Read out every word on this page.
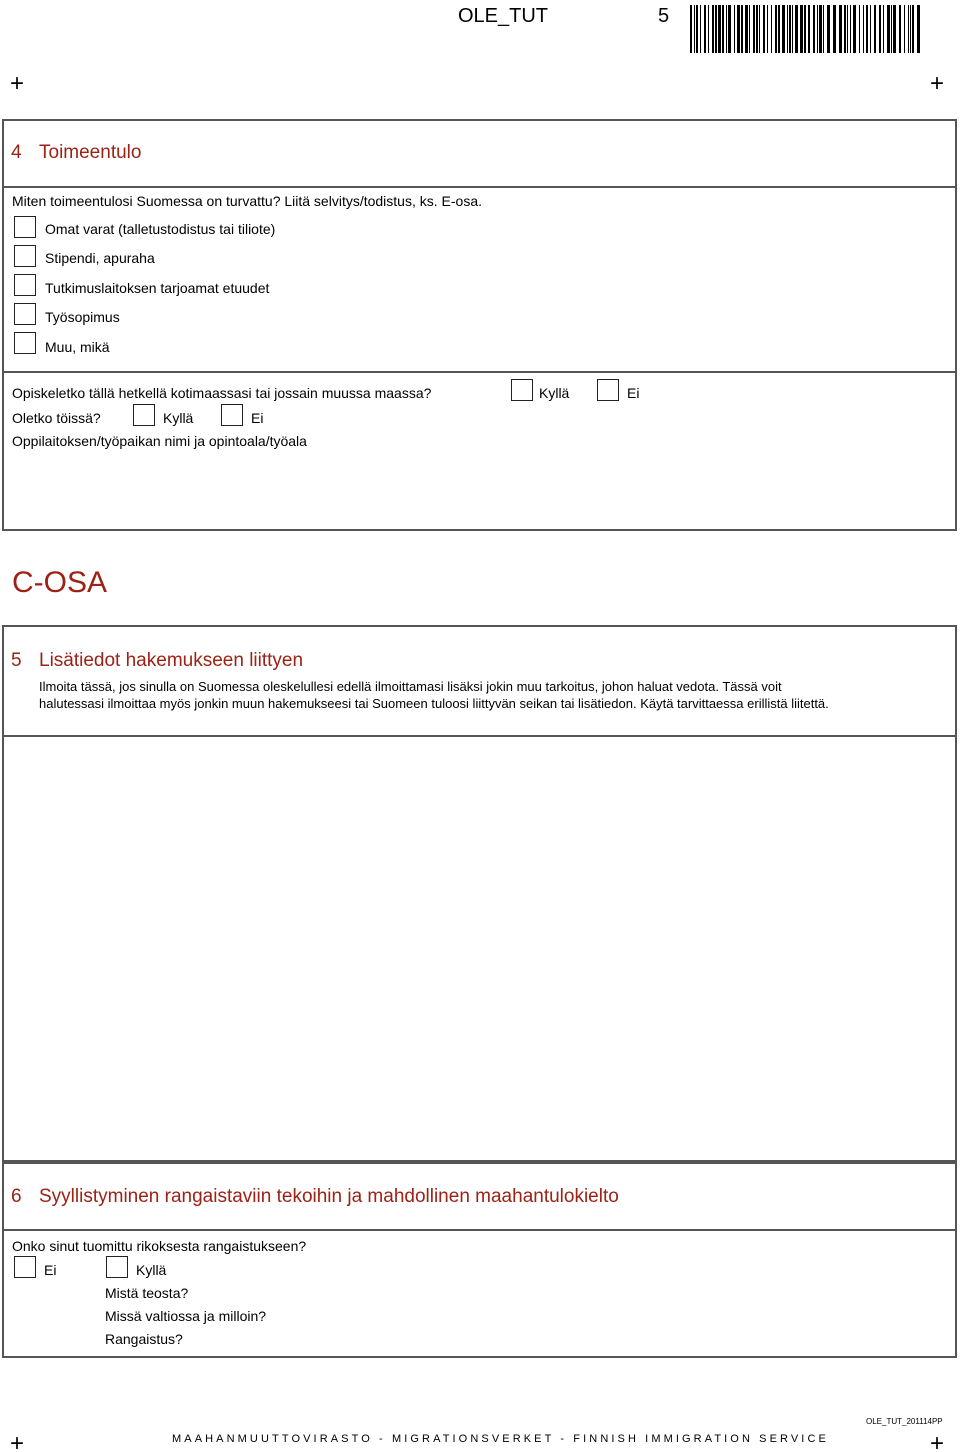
OLE_TUT	5
+	+
+	+
4 Toimeentulo
Miten toimeentulosi Suomessa on turvattu? Liitä selvitys/todistus, ks. E-osa.
Omat varat (talletustodistus tai tiliote)
Stipendi, apuraha
Tutkimuslaitoksen tarjoamat etuudet
Työsopimus
Muu, mikä
Opiskeletko tällä hetkellä kotimaassasi tai jossain muussa maassa?	Kyllä	Ei
Oletko töissä?	Kyllä	Ei
Oppilaitoksen/työpaikan nimi ja opintoala/työala
C-OSA
5 Lisätiedot hakemukseen liittyen
Ilmoita tässä, jos sinulla on Suomessa oleskelullesi edellä ilmoittamasi lisäksi jokin muu tarkoitus, johon haluat vedota. Tässä voit
halutessasi ilmoittaa myös jonkin muun hakemukseesi tai Suomeen tuloosi liittyvän seikan tai lisätiedon. Käytä tarvittaessa erillistä liitettä.
6 Syyllistyminen rangaistaviin tekoihin ja mahdollinen maahantulokielto
Onko sinut tuomittu rikoksesta rangaistukseen?
Ei	Kyllä
Mistä teosta?
Missä valtiossa ja milloin?
Rangaistus?
OLE_TUT_201114PP
MAAHANMUUTTOVIRASTO - MIGRATIONSVERKET - FINNISH IMMIGRATION SERVICE
